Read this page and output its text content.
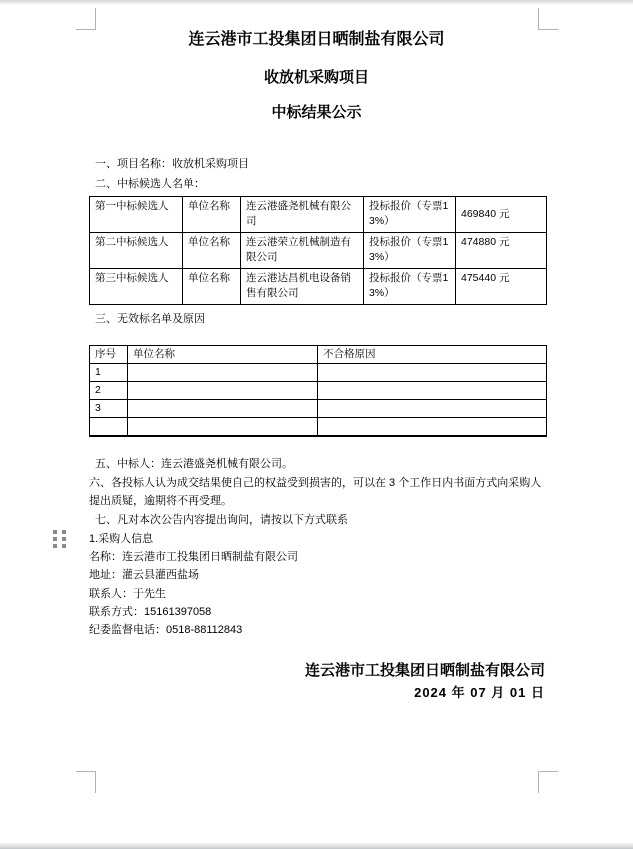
连云港市工投集团日晒制盐有限公司
收放机采购项目
中标结果公示

一、项目名称：收放机采购项目

二、中标候选人名单：

第一中标候选人	单位名称	连云港盛尧机械有限公司	投标报价（专票13%）	469840 元
第二中标候选人	单位名称	连云港荣立机械制造有限公司	投标报价（专票13%）	474880 元
第三中标候选人	单位名称	连云港达昌机电设备销售有限公司	投标报价（专票13%）	475440 元

三、无效标名单及原因

序号	单位名称	不合格原因
1		
2		
3		

五、中标人：连云港盛尧机械有限公司。

六、各投标人认为成交结果使自己的权益受到损害的，可以在 3 个工作日内书面方式向采购人提出质疑，逾期将不再受理。

七、凡对本次公告内容提出询问，请按以下方式联系

1.采购人信息

名称：连云港市工投集团日晒制盐有限公司

地址：灌云县灌西盐场

联系人：于先生

联系方式：15161397058

纪委监督电话：0518-88112843

连云港市工投集团日晒制盐有限公司

2024 年 07 月 01 日
